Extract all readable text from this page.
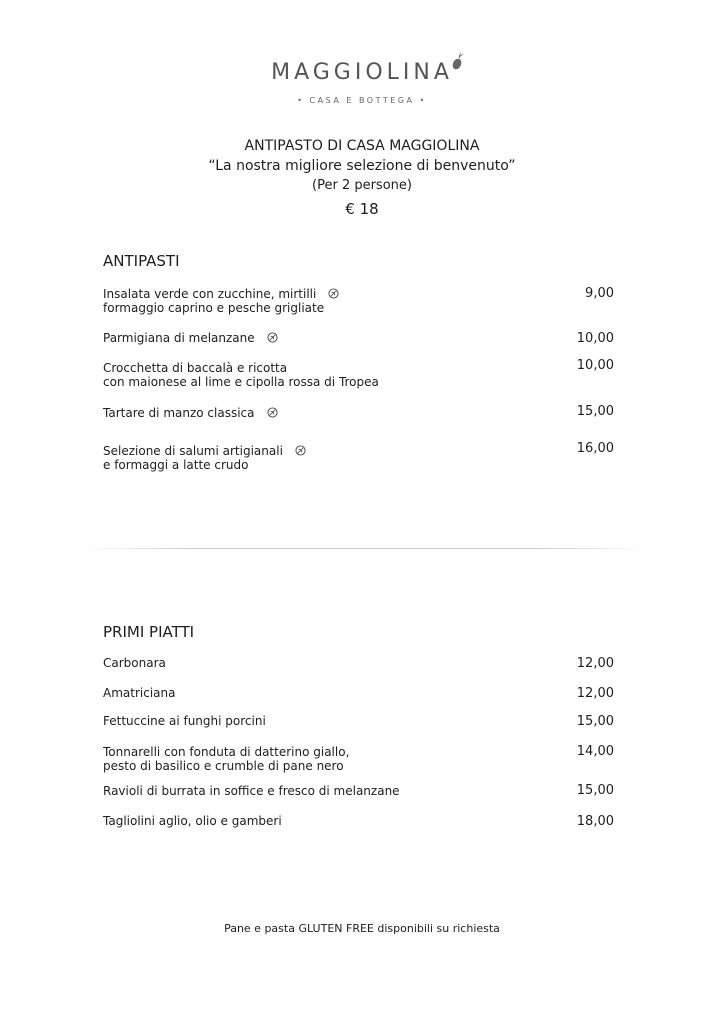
MAGGIOLINA
• CASA E BOTTEGA •
ANTIPASTO DI CASA MAGGIOLINA
“La nostra migliore selezione di benvenuto”
(Per 2 persone)
€ 18
ANTIPASTI
Insalata verde con zucchine, mirtilli
formaggio caprino e pesche grigliate
9,00
Parmigiana di melanzane	10,00
Crocchetta di baccalà e ricotta
con maionese al lime e cipolla rossa di Tropea
10,00
Tartare di manzo classica	15,00
Selezione di salumi artigianali
e formaggi a latte crudo
16,00
PRIMI PIATTI
Carbonara	12,00
Amatriciana	12,00
Fettuccine ai funghi porcini	15,00
Tonnarelli con fonduta di datterino giallo,
pesto di basilico e crumble di pane nero
14,00
Ravioli di burrata in soffice e fresco di melanzane	15,00
Tagliolini aglio, olio e gamberi	18,00
Pane e pasta GLUTEN FREE disponibili su richiesta
